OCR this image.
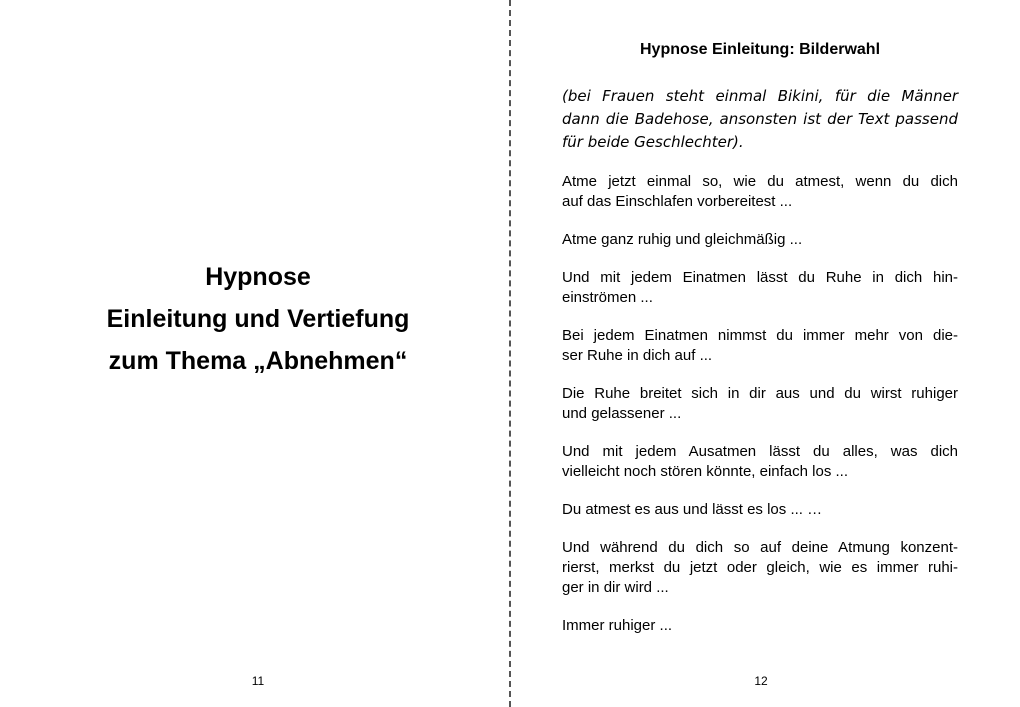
Hypnose
Einleitung und Vertiefung
zum Thema „Abnehmen“
11
Hypnose Einleitung: Bilderwahl
(bei Frauen steht einmal Bikini, für die Männer
dann die Badehose, ansonsten ist der Text passend
für beide Geschlechter).
Atme jetzt einmal so, wie du atmest, wenn du dich
auf das Einschlafen vorbereitest ...
Atme ganz ruhig und gleichmäßig ...
Und mit jedem Einatmen lässt du Ruhe in dich hin-
einströmen ...
Bei jedem Einatmen nimmst du immer mehr von die-
ser Ruhe in dich auf ...
Die Ruhe breitet sich in dir aus und du wirst ruhiger
und gelassener ...
Und mit jedem Ausatmen lässt du alles, was dich
vielleicht noch stören könnte, einfach los ...
Du atmest es aus und lässt es los ... …
Und während du dich so auf deine Atmung konzent-
rierst, merkst du jetzt oder gleich, wie es immer ruhi-
ger in dir wird ...
Immer ruhiger ...
12
